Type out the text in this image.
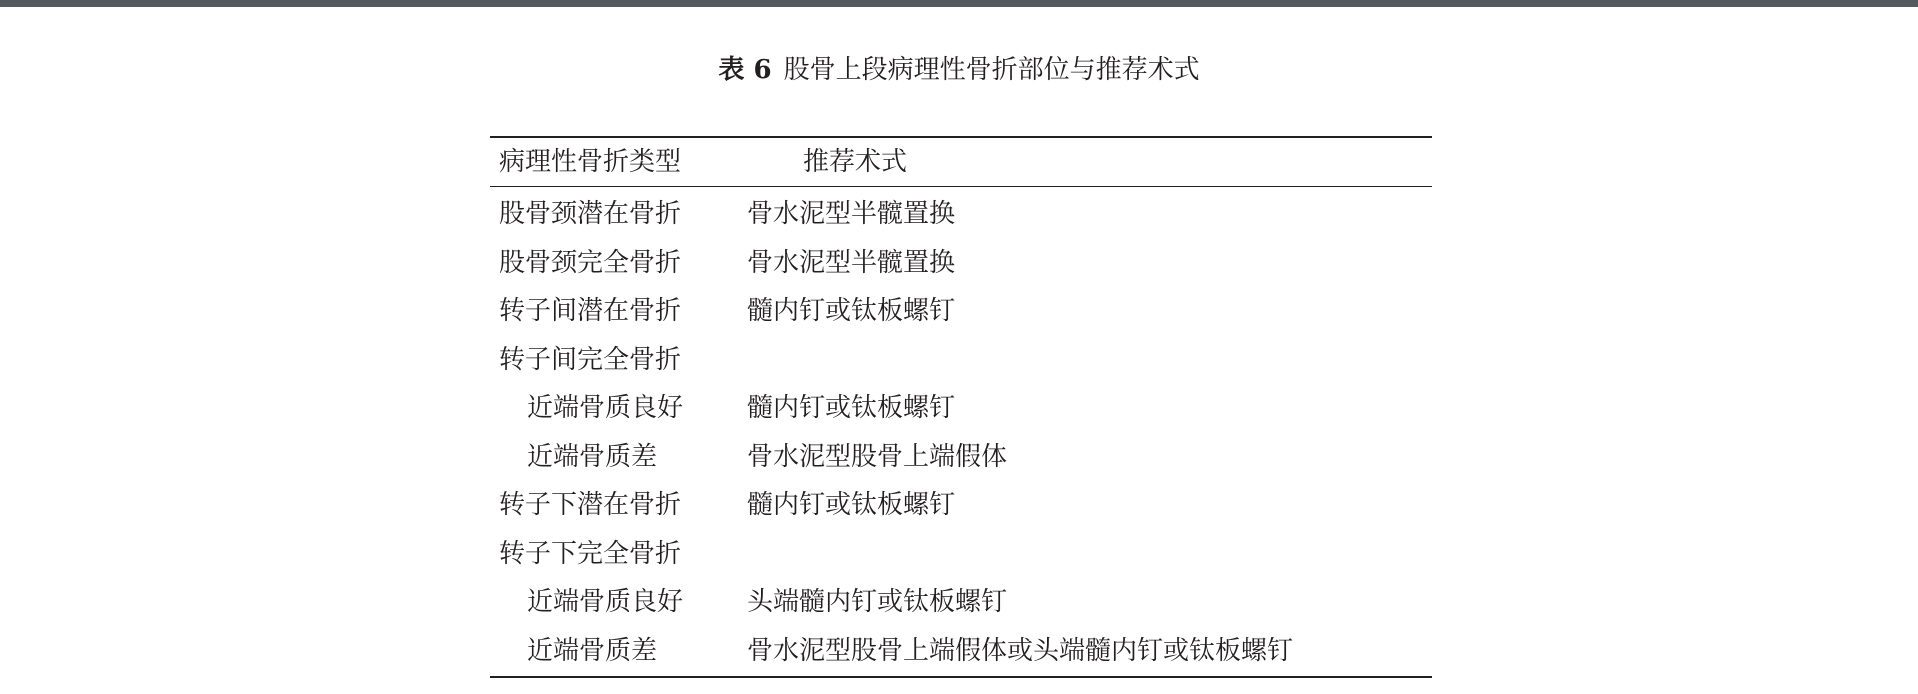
表 6 股骨上段病理性骨折部位与推荐术式
病理性骨折类型	推荐术式
股骨颈潜在骨折	骨水泥型半髋置换
股骨颈完全骨折	骨水泥型半髋置换
转子间潜在骨折	髓内钉或钛板螺钉
转子间完全骨折
近端骨质良好 髓内钉或钛板螺钉
近端骨质差	骨水泥型股骨上端假体
转子下潜在骨折	髓内钉或钛板螺钉
转子下完全骨折
近端骨质良好 头端髓内钉或钛板螺钉
近端骨质差	骨水泥型股骨上端假体或头端髓内钉或钛板螺钉
